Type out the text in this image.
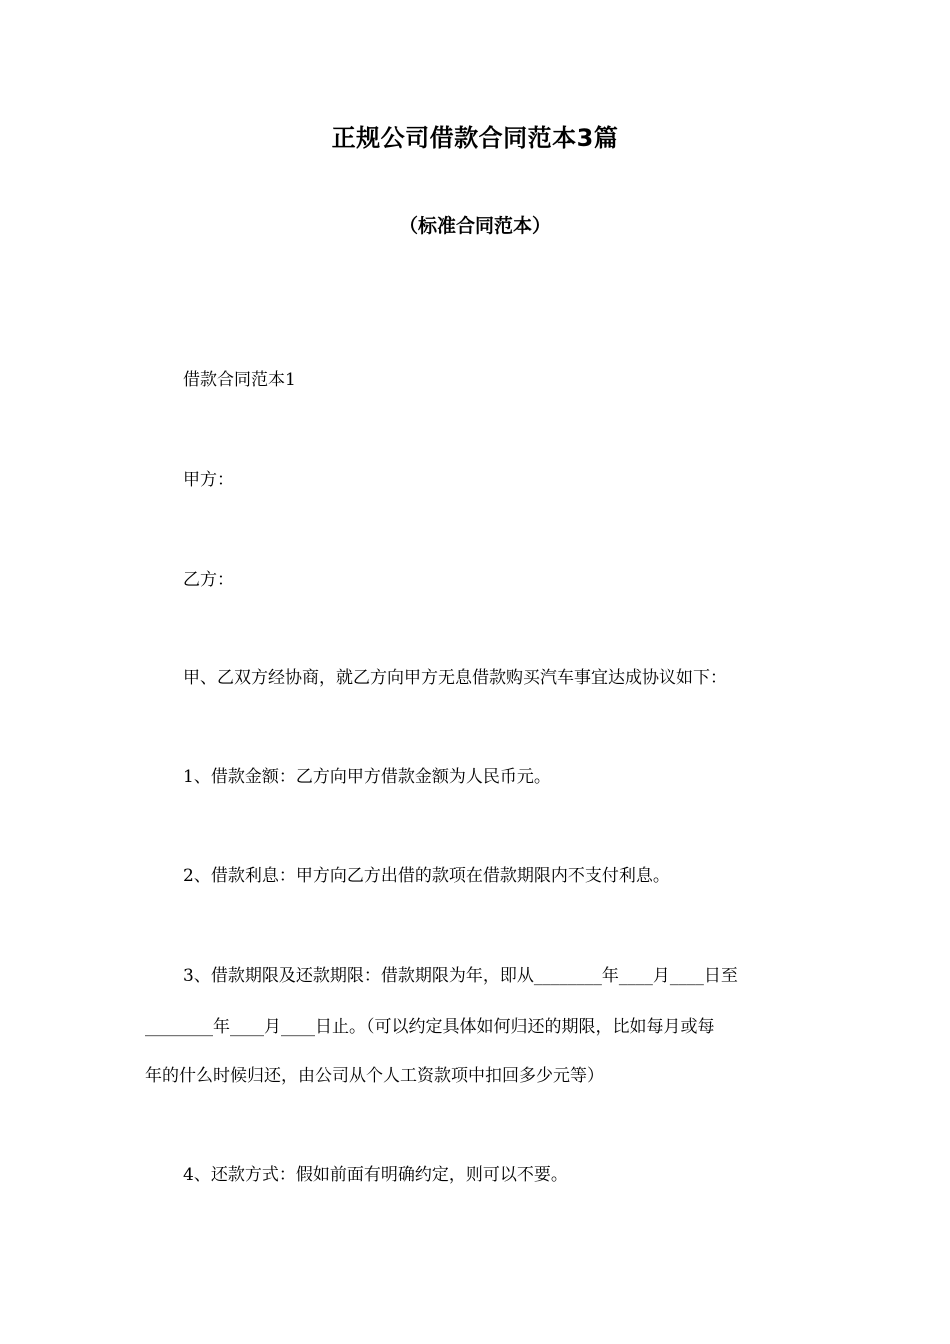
正规公司借款合同范本3篇
（标准合同范本）
借款合同范本1
甲方：
乙方：
甲、乙双方经协商，就乙方向甲方无息借款购买汽车事宜达成协议如下：
1、借款金额：乙方向甲方借款金额为人民币元。
2、借款利息：甲方向乙方出借的款项在借款期限内不支付利息。
3、借款期限及还款期限：借款期限为年，即从________年____月____日至
________年____月____日止。（可以约定具体如何归还的期限，比如每月或每
年的什么时候归还，由公司从个人工资款项中扣回多少元等）
4、还款方式：假如前面有明确约定，则可以不要。
